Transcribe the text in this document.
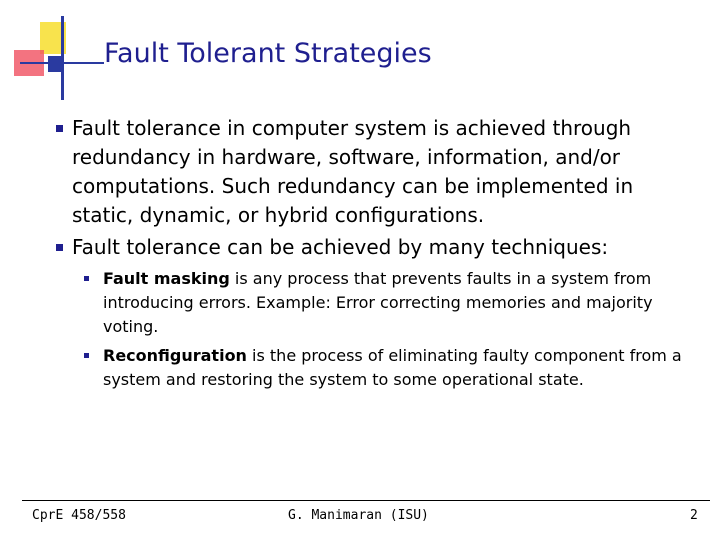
Fault Tolerant Strategies
Fault tolerance in computer system is achieved through redundancy in hardware, software, information, and/or computations. Such redundancy can be implemented in static, dynamic, or hybrid configurations.
Fault tolerance can be achieved by many techniques:
Fault masking is any process that prevents faults in a system from introducing errors. Example: Error correcting memories and majority voting.
Reconfiguration is the process of eliminating faulty component from a system and restoring the system to some operational state.
CprE 458/558	G. Manimaran (ISU)	2
